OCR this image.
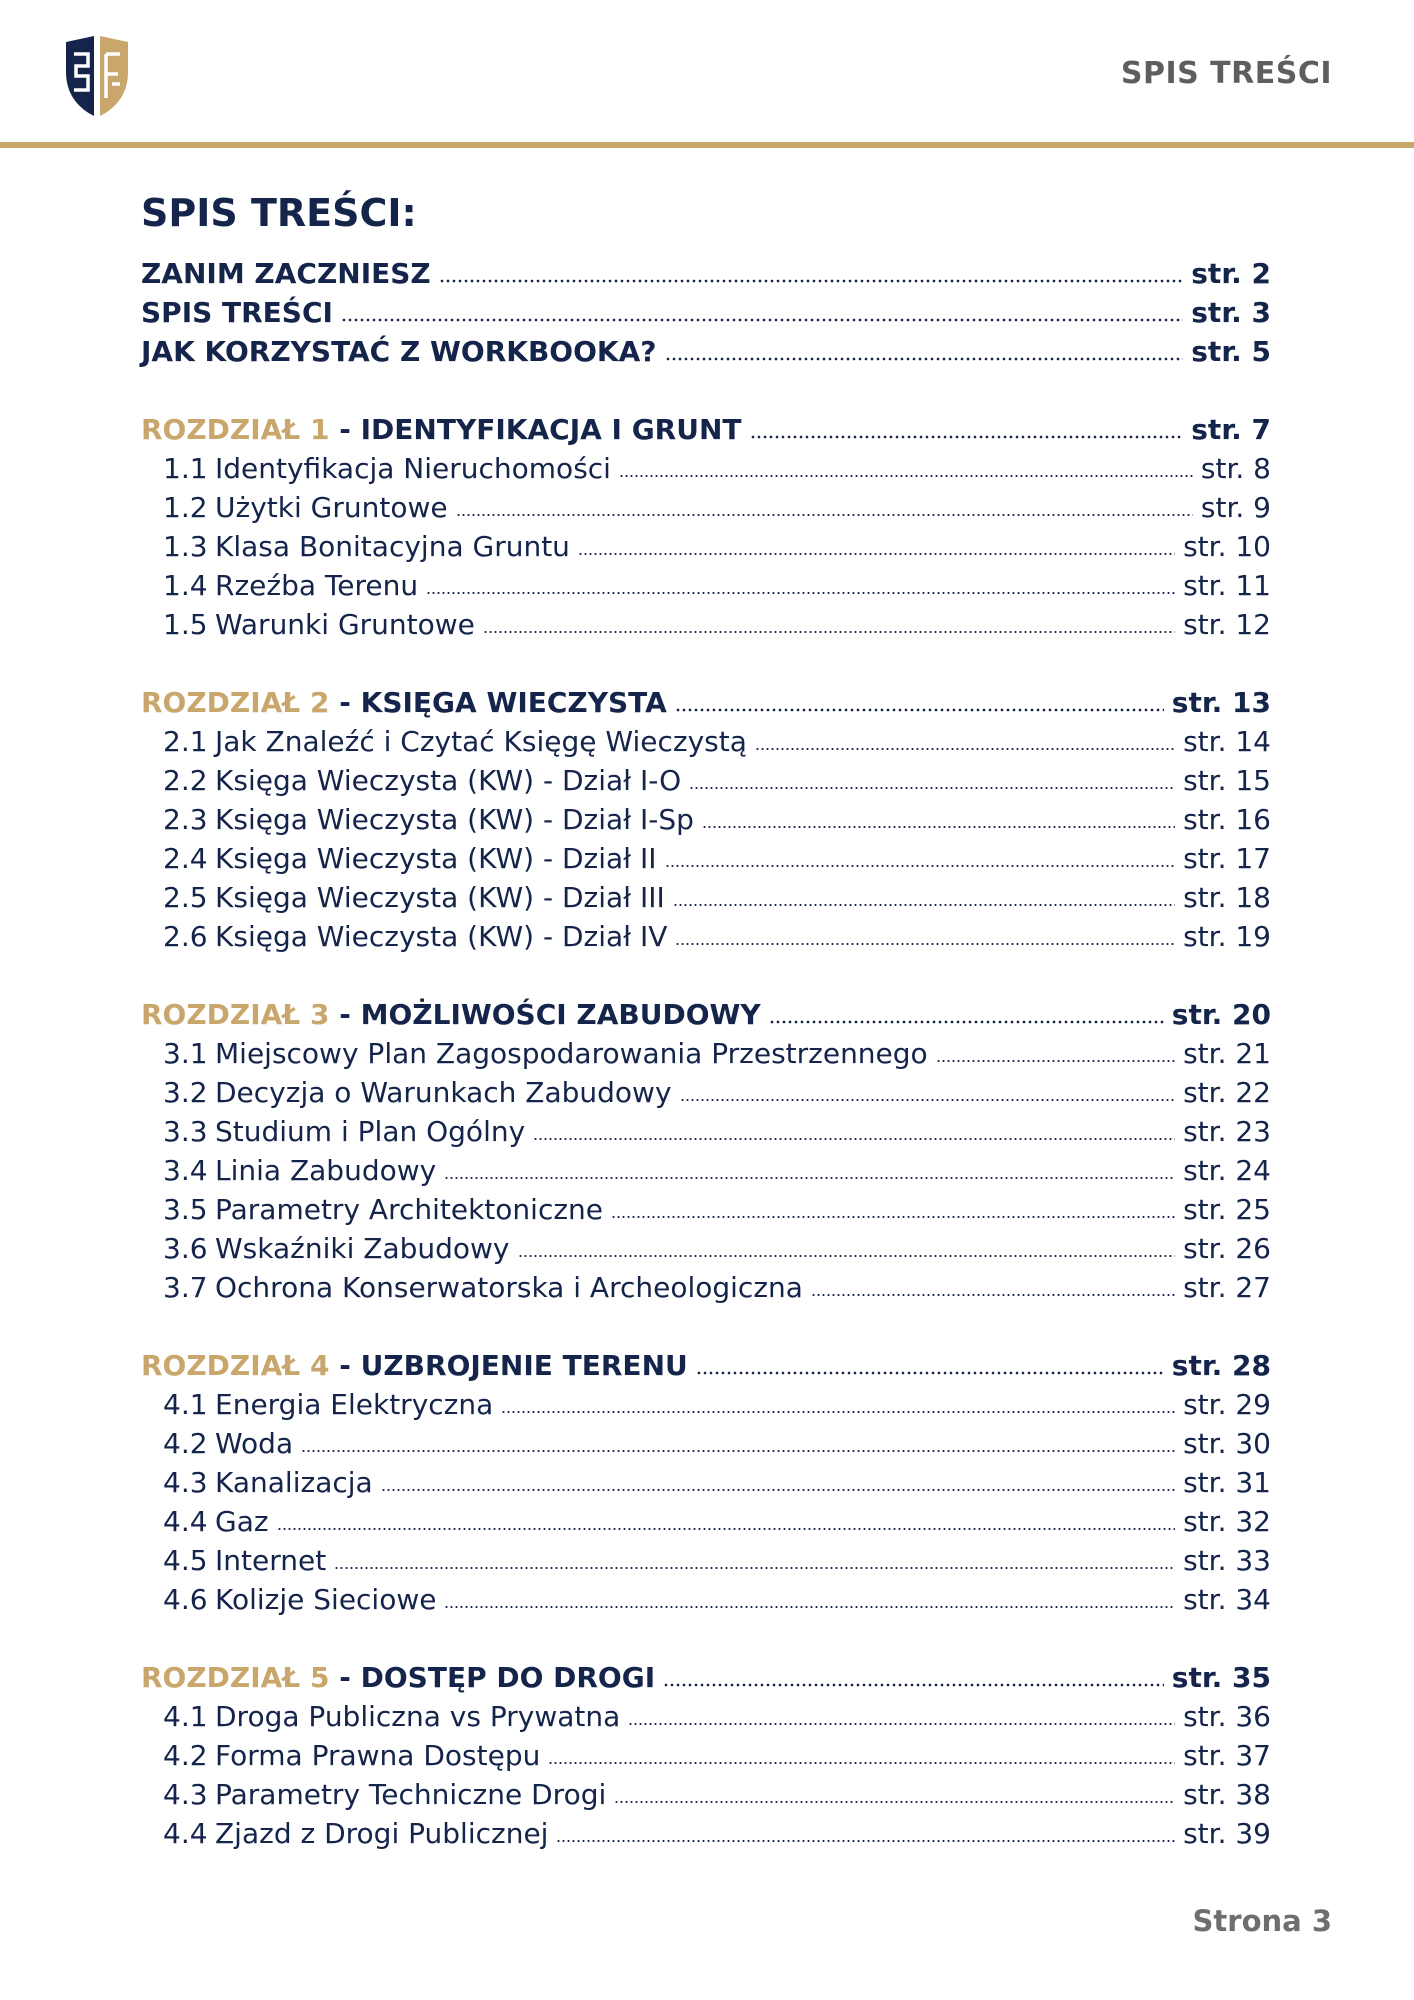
SPIS TREŚCI
SPIS TREŚCI:
ZANIM ZACZNIESZ	str. 2
SPIS TREŚCI	str. 3
JAK KORZYSTAĆ Z WORKBOOKA?	str. 5
ROZDZIAŁ 1 - IDENTYFIKACJA I GRUNT	str. 7
1.1 Identyfikacja Nieruchomości	str. 8
1.2 Użytki Gruntowe	str. 9
1.3 Klasa Bonitacyjna Gruntu	str. 10
1.4 Rzeźba Terenu	str. 11
1.5 Warunki Gruntowe	str. 12
ROZDZIAŁ 2 - KSIĘGA WIECZYSTA	str. 13
2.1 Jak Znaleźć i Czytać Księgę Wieczystą	str. 14
2.2 Księga Wieczysta (KW) - Dział I-O	str. 15
2.3 Księga Wieczysta (KW) - Dział I-Sp	str. 16
2.4 Księga Wieczysta (KW) - Dział II	str. 17
2.5 Księga Wieczysta (KW) - Dział III	str. 18
2.6 Księga Wieczysta (KW) - Dział IV	str. 19
ROZDZIAŁ 3 - MOŻLIWOŚCI ZABUDOWY	str. 20
3.1 Miejscowy Plan Zagospodarowania Przestrzennego	str. 21
3.2 Decyzja o Warunkach Zabudowy	str. 22
3.3 Studium i Plan Ogólny	str. 23
3.4 Linia Zabudowy	str. 24
3.5 Parametry Architektoniczne	str. 25
3.6 Wskaźniki Zabudowy	str. 26
3.7 Ochrona Konserwatorska i Archeologiczna	str. 27
ROZDZIAŁ 4 - UZBROJENIE TERENU	str. 28
4.1 Energia Elektryczna	str. 29
4.2 Woda	str. 30
4.3 Kanalizacja	str. 31
4.4 Gaz	str. 32
4.5 Internet	str. 33
4.6 Kolizje Sieciowe	str. 34
ROZDZIAŁ 5 - DOSTĘP DO DROGI	str. 35
4.1 Droga Publiczna vs Prywatna	str. 36
4.2 Forma Prawna Dostępu	str. 37
4.3 Parametry Techniczne Drogi	str. 38
4.4 Zjazd z Drogi Publicznej	str. 39
Strona 3
